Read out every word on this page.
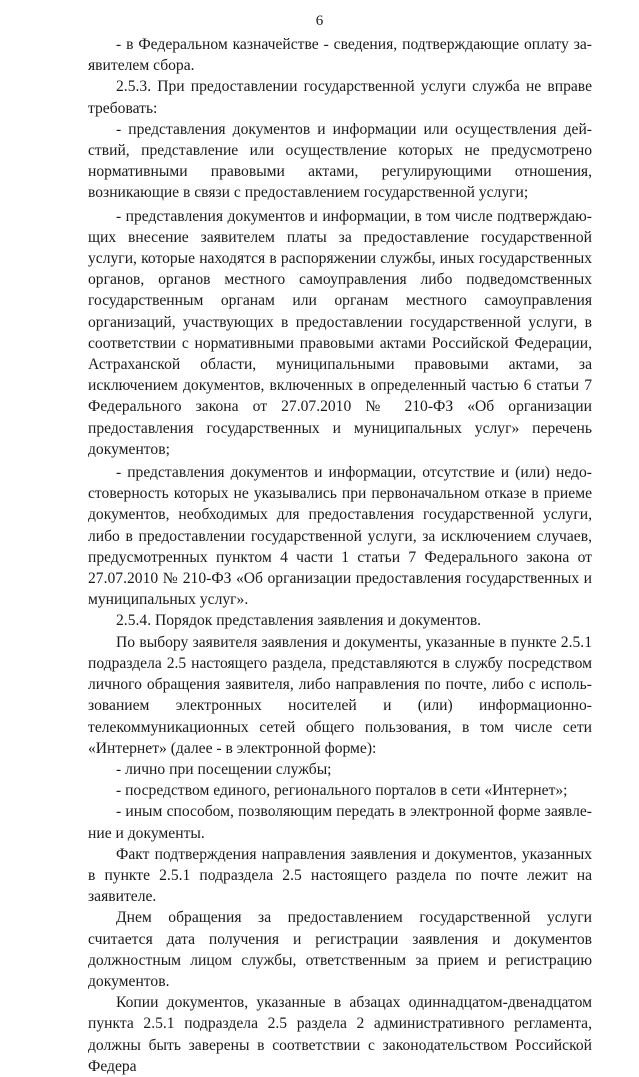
6

- в Федеральном казначействе - сведения, подтверждающие оплату заявителем сбора.

2.5.3. При предоставлении государственной услуги служба не вправе требовать:

- представления документов и информации или осуществления действий, представление или осуществление которых не предусмотрено нормативными правовыми актами, регулирующими отношения, возникающие в связи с предоставлением государственной услуги;

- представления документов и информации, в том числе подтверждающих внесение заявителем платы за предоставление государственной услуги, которые находятся в распоряжении службы, иных государственных органов, органов местного самоуправления либо подведомственных государственным органам или органам местного самоуправления организаций, участвующих в предоставлении государственной услуги, в соответствии с нормативными правовыми актами Российской Федерации, Астраханской области, муниципальными правовыми актами, за исключением документов, включенных в определенный частью 6 статьи 7 Федерального закона от 27.07.2010 № 210-ФЗ «Об организации предоставления государственных и муниципальных услуг» перечень документов;

- представления документов и информации, отсутствие и (или) недостоверность которых не указывались при первоначальном отказе в приеме документов, необходимых для предоставления государственной услуги, либо в предоставлении государственной услуги, за исключением случаев, предусмотренных пунктом 4 части 1 статьи 7 Федерального закона от 27.07.2010 № 210-ФЗ «Об организации предоставления государственных и муниципальных услуг».

2.5.4. Порядок представления заявления и документов.

По выбору заявителя заявления и документы, указанные в пункте 2.5.1 подраздела 2.5 настоящего раздела, представляются в службу посредством личного обращения заявителя, либо направления по почте, либо с использованием электронных носителей и (или) информационно-телекоммуникационных сетей общего пользования, в том числе сети «Интернет» (далее - в электронной форме):

- лично при посещении службы;

- посредством единого, регионального порталов в сети «Интернет»;

- иным способом, позволяющим передать в электронной форме заявление и документы.

Факт подтверждения направления заявления и документов, указанных в пункте 2.5.1 подраздела 2.5 настоящего раздела по почте лежит на заявителе.

Днем обращения за предоставлением государственной услуги считается дата получения и регистрации заявления и документов должностным лицом службы, ответственным за прием и регистрацию документов.

Копии документов, указанные в абзацах одиннадцатом-двенадцатом пункта 2.5.1 подраздела 2.5 раздела 2 административного регламента, должны быть заверены в соответствии с законодательством Российской Федера
